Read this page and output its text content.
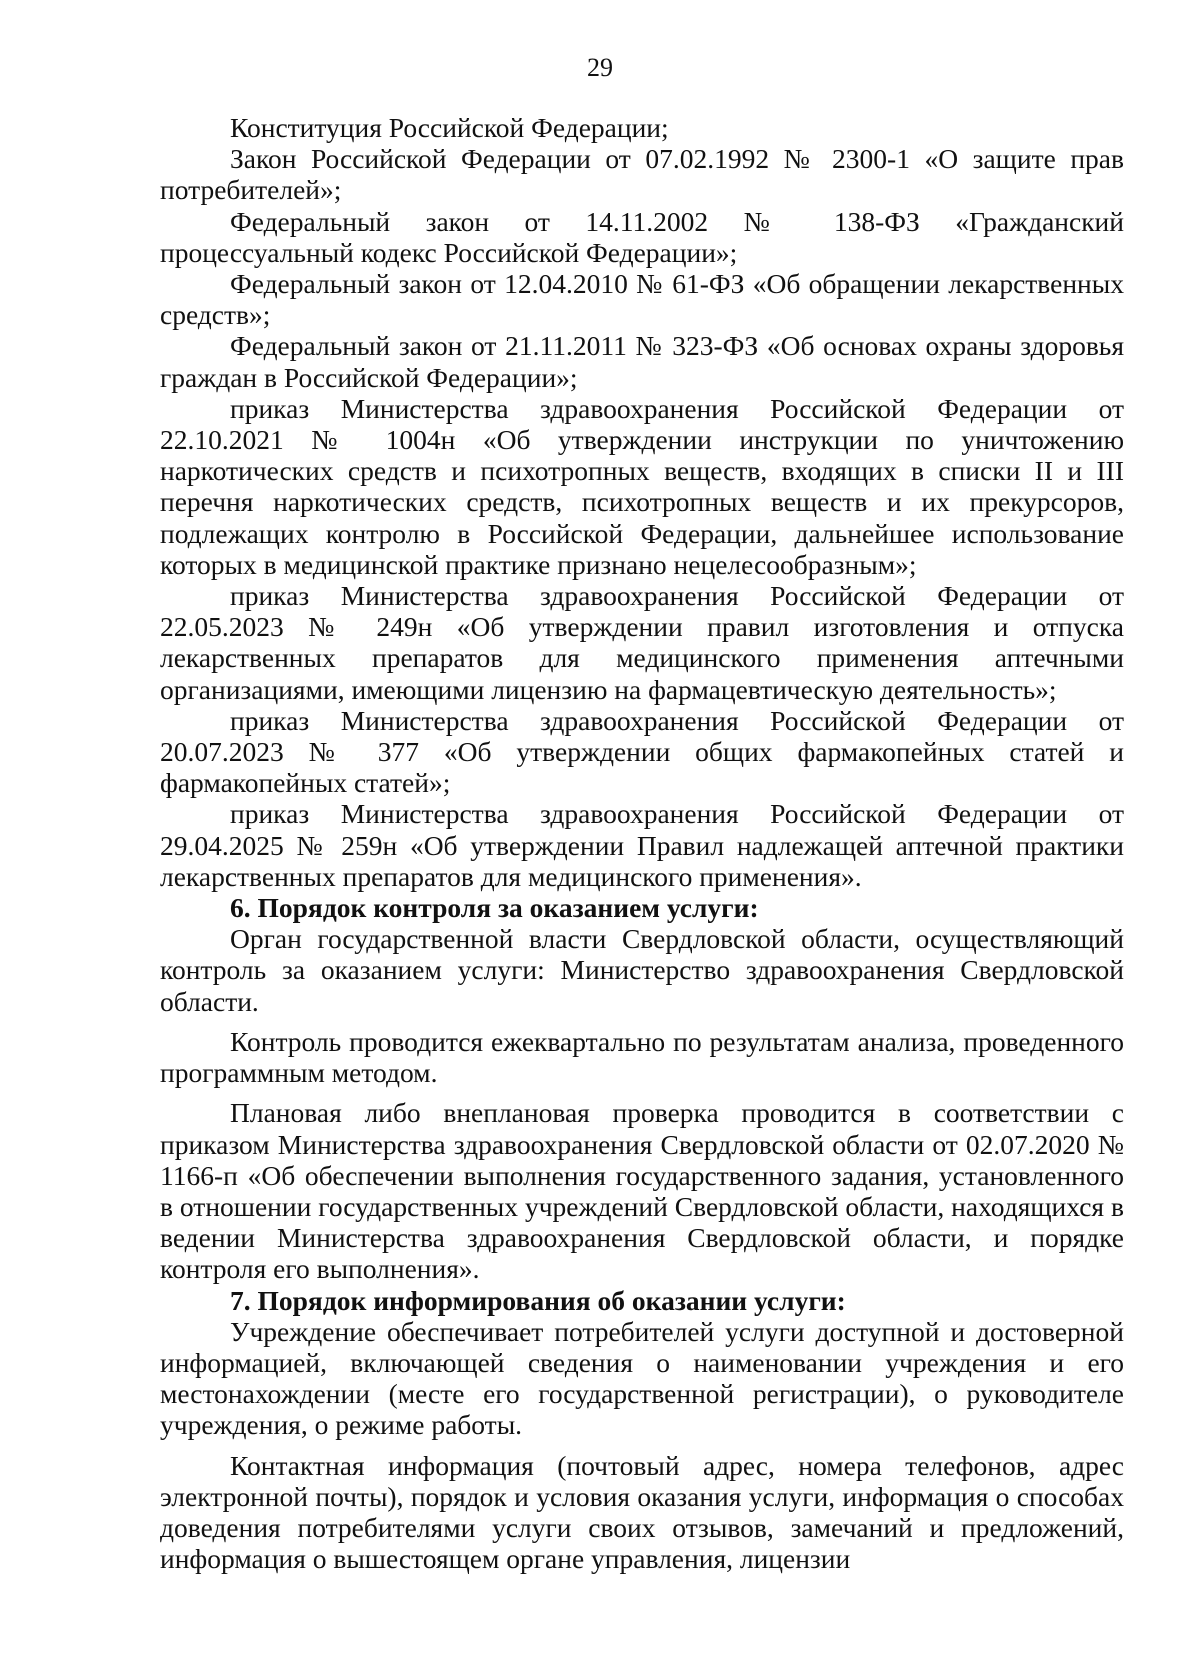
29

Конституция Российской Федерации;

Закон Российской Федерации от 07.02.1992 № 2300-1 «О защите прав потребителей»;

Федеральный закон от 14.11.2002 № 138-ФЗ «Гражданский процессуальный кодекс Российской Федерации»;

Федеральный закон от 12.04.2010 № 61-ФЗ «Об обращении лекарственных средств»;

Федеральный закон от 21.11.2011 № 323-ФЗ «Об основах охраны здоровья граждан в Российской Федерации»;

приказ Министерства здравоохранения Российской Федерации от 22.10.2021 № 1004н «Об утверждении инструкции по уничтожению наркотических средств и психотропных веществ, входящих в списки II и III перечня наркотических средств, психотропных веществ и их прекурсоров, подлежащих контролю в Российской Федерации, дальнейшее использование которых в медицинской практике признано нецелесообразным»;

приказ Министерства здравоохранения Российской Федерации от 22.05.2023 № 249н «Об утверждении правил изготовления и отпуска лекарственных препаратов для медицинского применения аптечными организациями, имеющими лицензию на фармацевтическую деятельность»;

приказ Министерства здравоохранения Российской Федерации от 20.07.2023 № 377 «Об утверждении общих фармакопейных статей и фармакопейных статей»;

приказ Министерства здравоохранения Российской Федерации от 29.04.2025 № 259н «Об утверждении Правил надлежащей аптечной практики лекарственных препаратов для медицинского применения».

6. Порядок контроля за оказанием услуги:

Орган государственной власти Свердловской области, осуществляющий контроль за оказанием услуги: Министерство здравоохранения Свердловской области.

Контроль проводится ежеквартально по результатам анализа, проведенного программным методом.

Плановая либо внеплановая проверка проводится в соответствии с приказом Министерства здравоохранения Свердловской области от 02.07.2020 № 1166-п «Об обеспечении выполнения государственного задания, установленного в отношении государственных учреждений Свердловской области, находящихся в ведении Министерства здравоохранения Свердловской области, и порядке контроля его выполнения».

7. Порядок информирования об оказании услуги:

Учреждение обеспечивает потребителей услуги доступной и достоверной информацией, включающей сведения о наименовании учреждения и его местонахождении (месте его государственной регистрации), о руководителе учреждения, о режиме работы.

Контактная информация (почтовый адрес, номера телефонов, адрес электронной почты), порядок и условия оказания услуги, информация о способах доведения потребителями услуги своих отзывов, замечаний и предложений, информация о вышестоящем органе управления, лицензии
